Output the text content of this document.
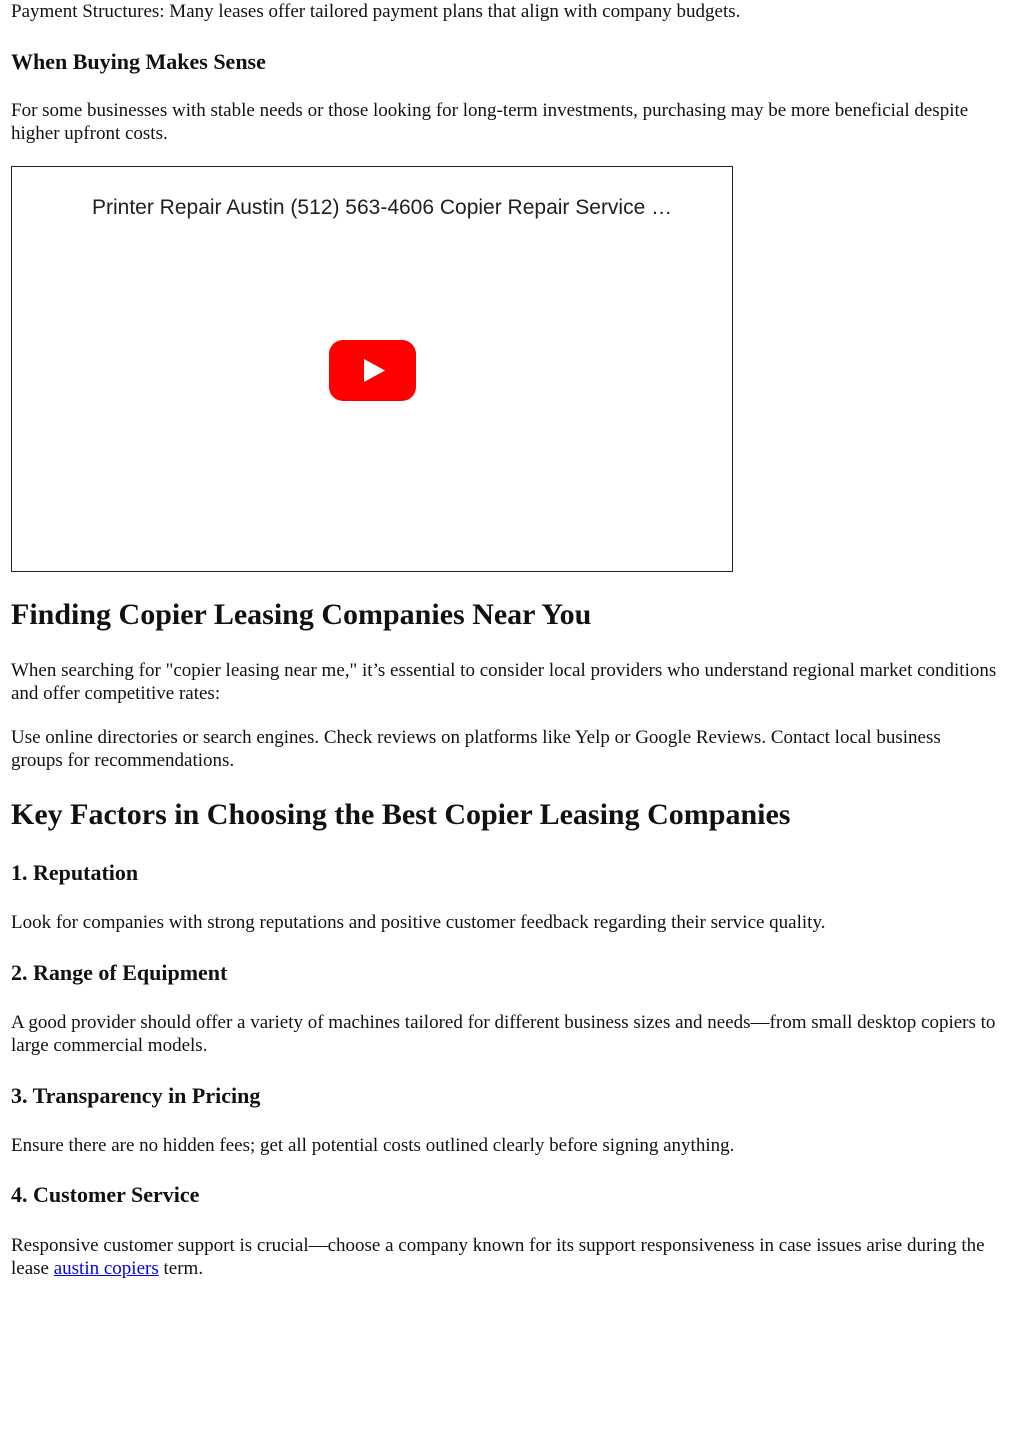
Payment Structures: Many leases offer tailored payment plans that align with company budgets.

When Buying Makes Sense

For some businesses with stable needs or those looking for long-term investments, purchasing may be more beneficial despite higher upfront costs.

Printer Repair Austin (512) 563-4606 Copier Repair Service …
Finding Copier Leasing Companies Near You

When searching for "copier leasing near me," it’s essential to consider local providers who understand regional market conditions and offer competitive rates:

Use online directories or search engines. Check reviews on platforms like Yelp or Google Reviews. Contact local business groups for recommendations.

Key Factors in Choosing the Best Copier Leasing Companies
1. Reputation

Look for companies with strong reputations and positive customer feedback regarding their service quality.

2. Range of Equipment

A good provider should offer a variety of machines tailored for different business sizes and needs—from small desktop copiers to large commercial models.

3. Transparency in Pricing

Ensure there are no hidden fees; get all potential costs outlined clearly before signing anything.

4. Customer Service

Responsive customer support is crucial—choose a company known for its support responsiveness in case issues arise during the lease austin copiers term.
